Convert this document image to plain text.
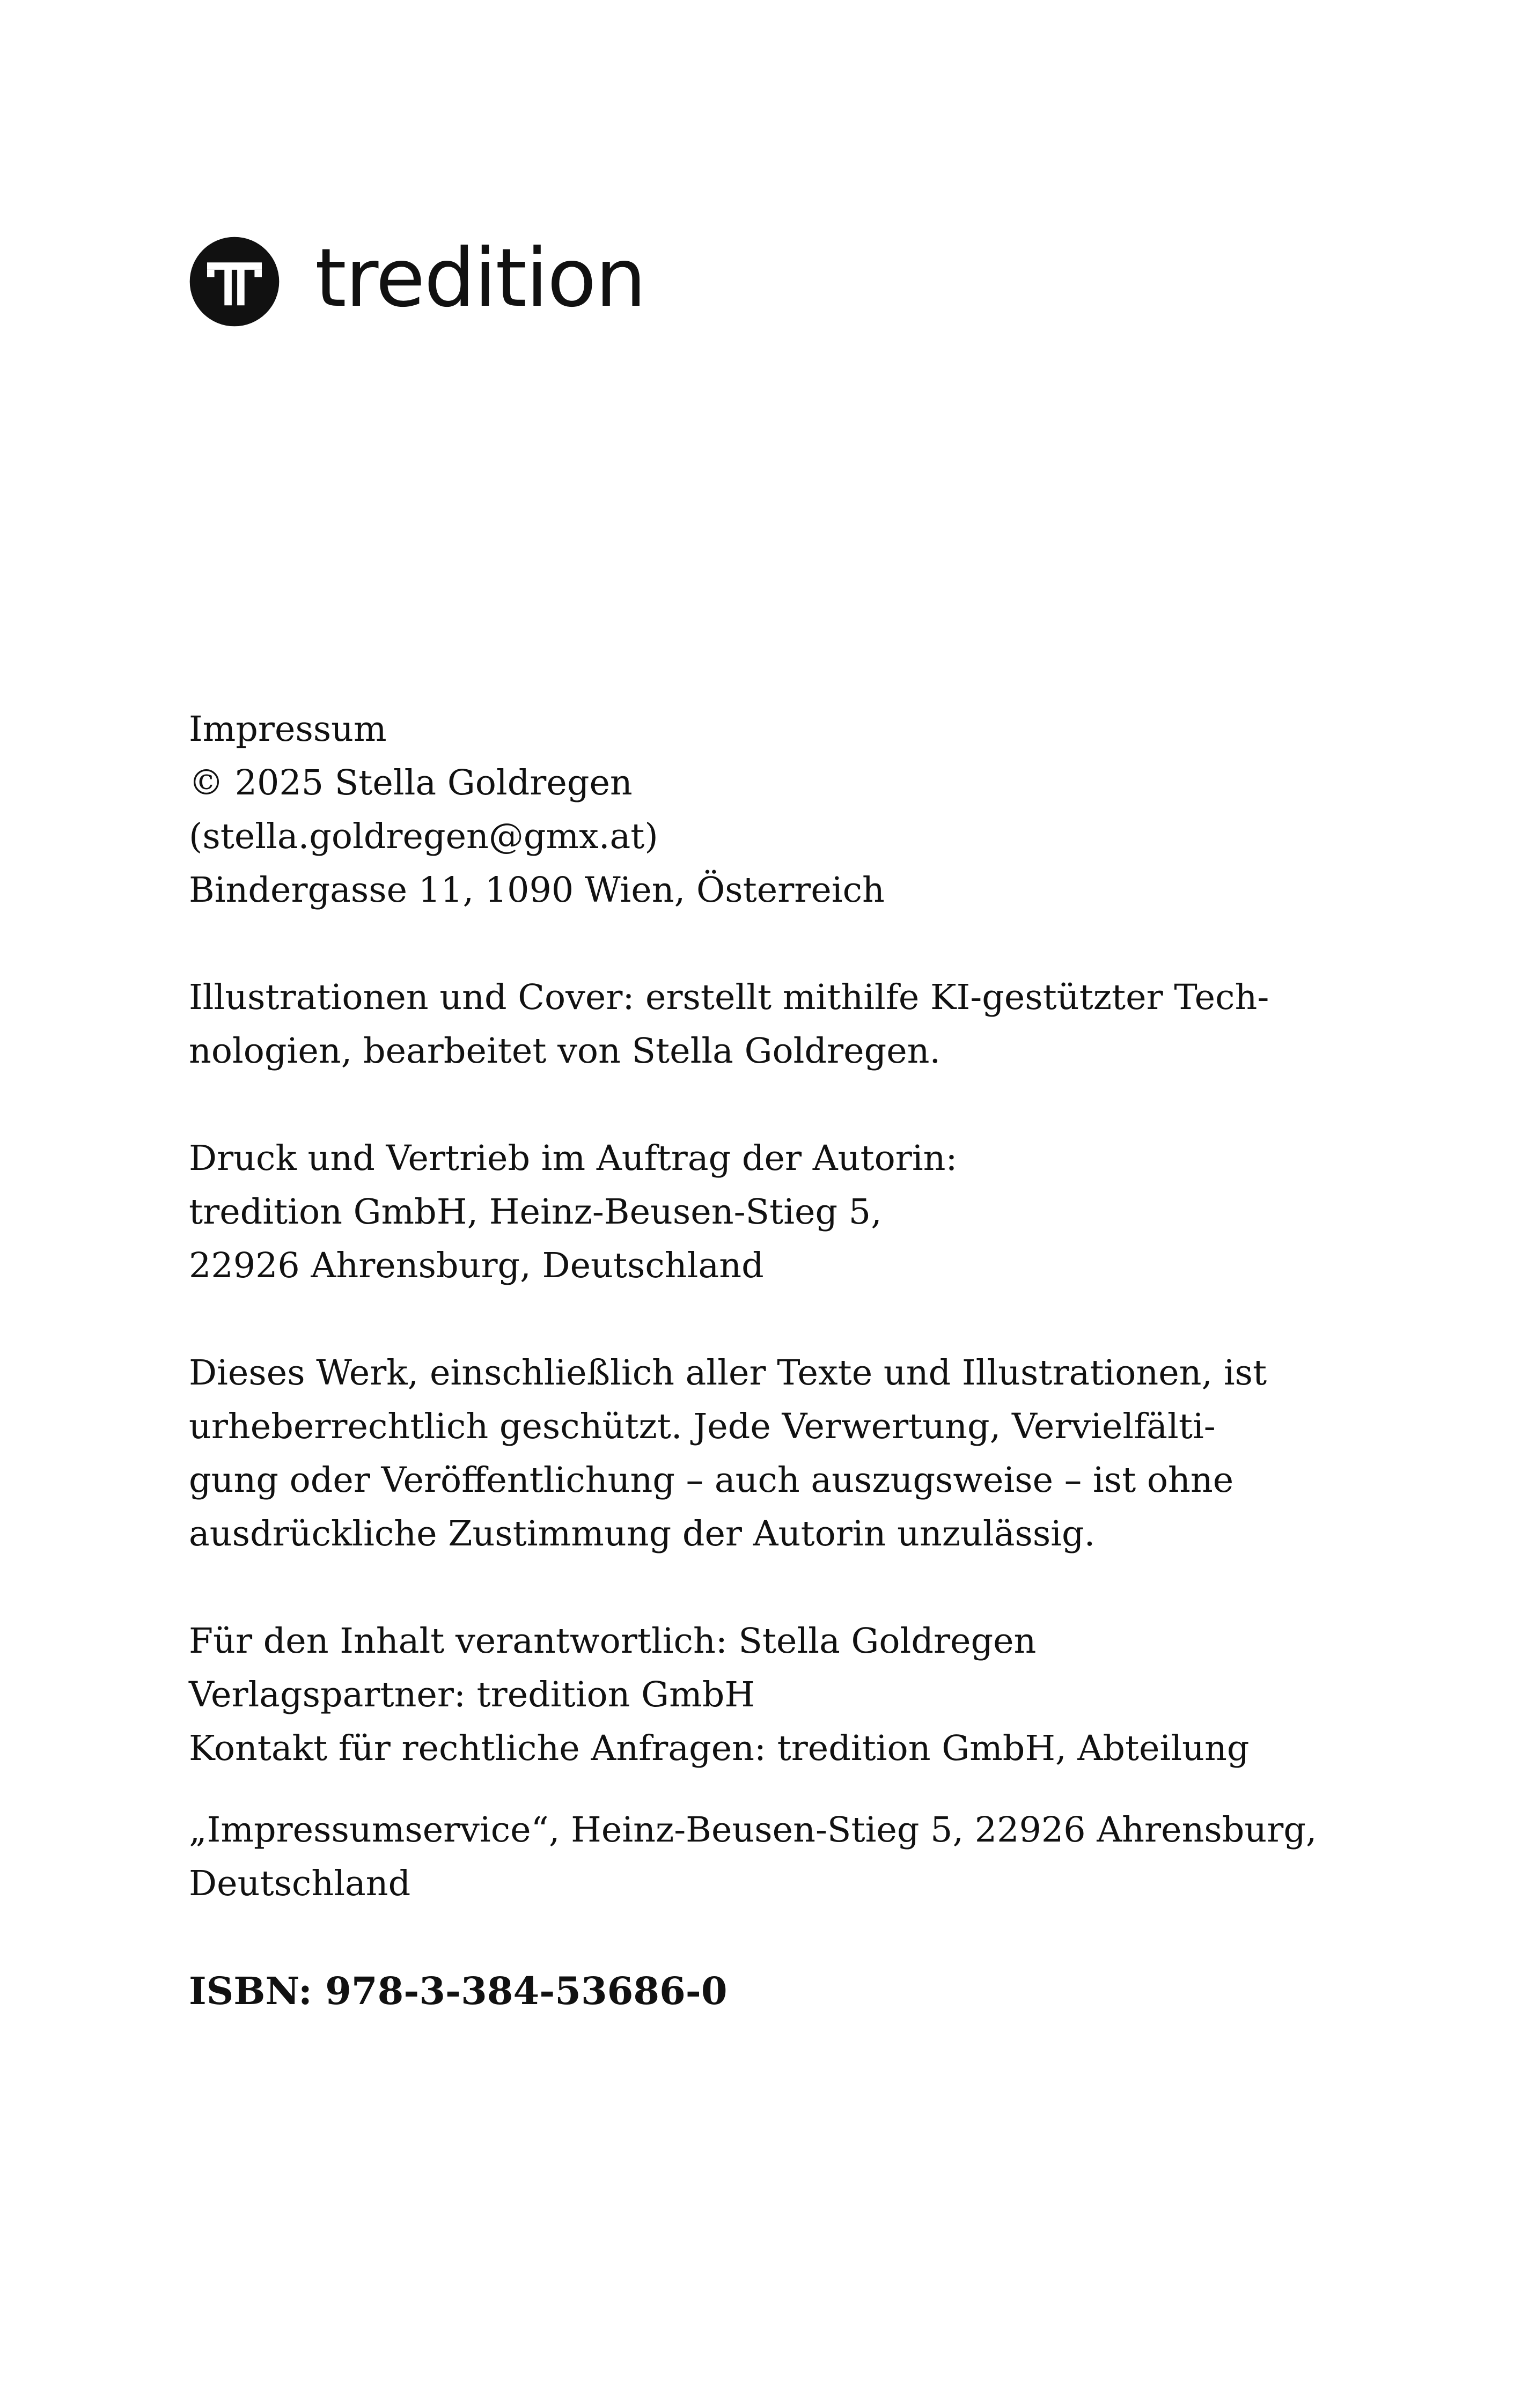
tredition
Impressum
© 2025 Stella Goldregen
(stella.goldregen@gmx.at)
Bindergasse 11, 1090 Wien, Österreich
Illustrationen und Cover: erstellt mithilfe KI-gestützter Tech-
nologien, bearbeitet von Stella Goldregen.
Druck und Vertrieb im Auftrag der Autorin:
tredition GmbH, Heinz-Beusen-Stieg 5,
22926 Ahrensburg, Deutschland
Dieses Werk, einschließlich aller Texte und Illustrationen, ist
urheberrechtlich geschützt. Jede Verwertung, Vervielfälti-
gung oder Veröffentlichung – auch auszugsweise – ist ohne
ausdrückliche Zustimmung der Autorin unzulässig.
Für den Inhalt verantwortlich: Stella Goldregen
Verlagspartner: tredition GmbH
Kontakt für rechtliche Anfragen: tredition GmbH, Abteilung
„Impressumservice“, Heinz-Beusen-Stieg 5, 22926 Ahrensburg,
Deutschland
ISBN: 978-3-384-53686-0
